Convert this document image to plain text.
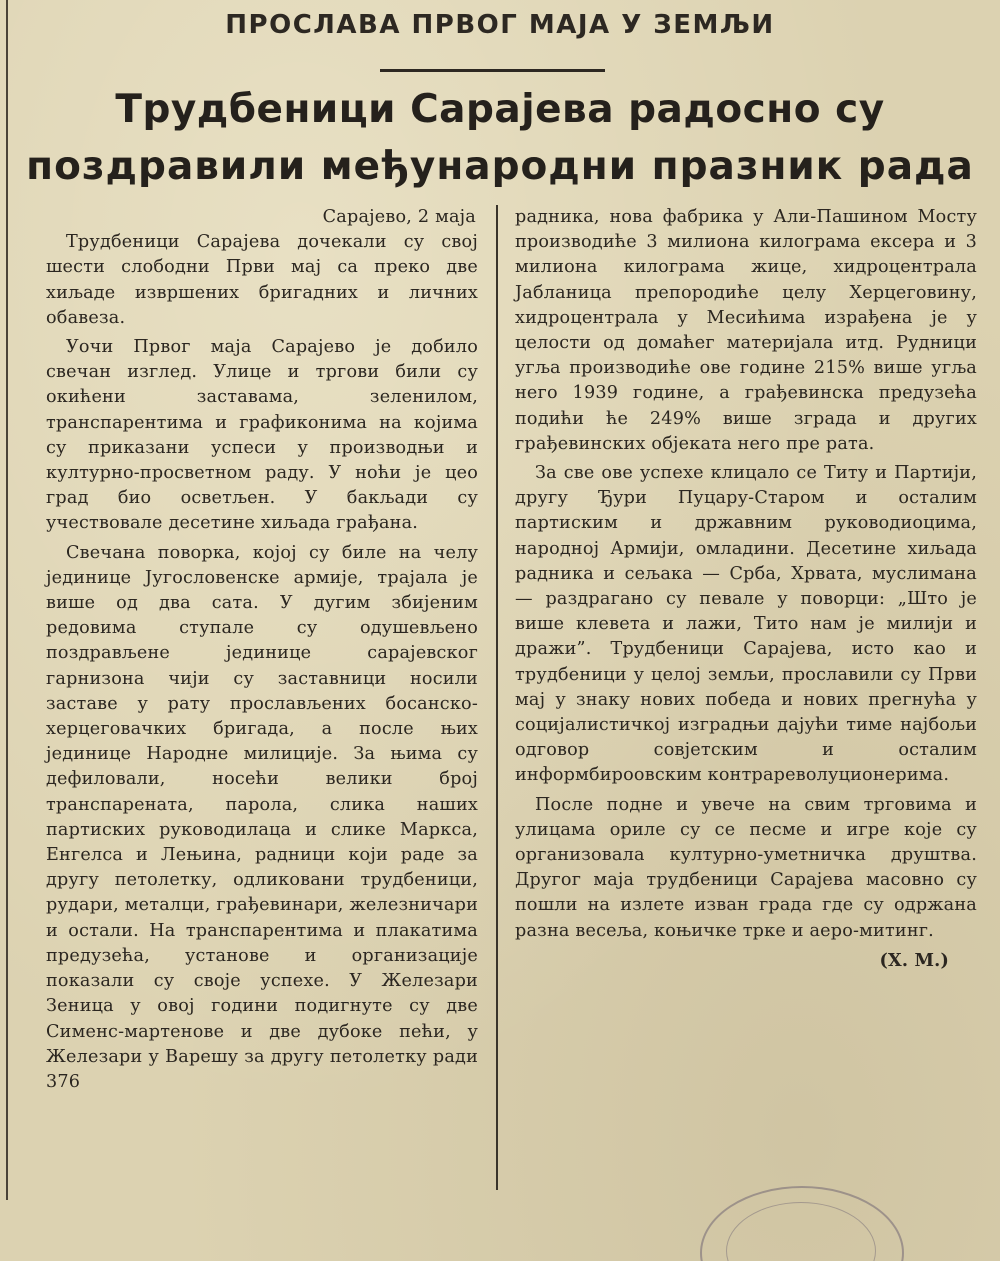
ПРОСЛАВА ПРВОГ МАЈА У ЗЕМЉИ
Трудбеници Сарајева радосно су
поздравили међународни празник рада
Сарајево, 2 маја

Трудбеници Сарајева дочекали су свој шести слободни Први мај са преко две хиљаде извршених бригадних и личних обавеза.

Уочи Првог маја Сарајево је добило свечан изглед. Улице и тргови били су окићени заставама, зеленилом, транспарентима и графиконима на којима су приказани успеси у производњи и културно-просветном раду. У ноћи је цео град био осветљен. У бакљади су учествовале десетине хиљада грађана.

Свечана поворка, којој су биле на челу јединице Југословенске армије, трајала је више од два сата. У дугим збијеним редовима ступале су одушевљено поздрављене јединице сарајевског гарнизона чији су заставници носили заставе у рату прослављених босанско-херцеговачких бригада, а после њих јединице Народне милиције. За њима су дефиловали, носећи велики број транспарената, парола, слика наших партиских руководилаца и слике Маркса, Енгелса и Лењина, радници који раде за другу петолетку, одликовани трудбеници, рудари, металци, грађевинари, железничари и остали. На транспарентима и плакатима предузећа, установе и организације показали су своје успехе. У Железари Зеница у овој години подигнуте су две Сименс-мартенове и две дубоке пећи, у Железари у Варешу за другу петолетку ради 376

радника, нова фабрика у Али-Пашином Мосту производиће 3 милиона килограма ексера и 3 милиона килограма жице, хидроцентрала Јабланица препородиће целу Херцеговину, хидроцентрала у Месићима израђена је у целости од домаћег материјала итд. Рудници угља производиће ове године 215% више угља него 1939 године, а грађевинска предузећа подићи ће 249% више зграда и других грађевинских објеката него пре рата.

За све ове успехе клицало се Титу и Партији, другу Ђури Пуцару-Старом и осталим партиским и државним руководиоцима, народној Армији, омладини. Десетине хиљада радника и сељака — Срба, Хрвата, муслимана — раздрагано су певале у поворци: „Што је више клевета и лажи, Тито нам је милији и дражи”. Трудбеници Сарајева, исто као и трудбеници у целој земљи, прославили су Први мај у знаку нових победа и нових прегнућа у социјалистичкој изградњи дајући тиме најбољи одговор совјетским и осталим информбироовским контрареволуционерима.

После подне и увече на свим трговима и улицама ориле су се песме и игре које су организовала културно-уметничка друштва. Другог маја трудбеници Сарајева масовно су пошли на излете изван града где су одржана разна весеља, коњичке трке и аеро-митинг.

(Х. М.)
